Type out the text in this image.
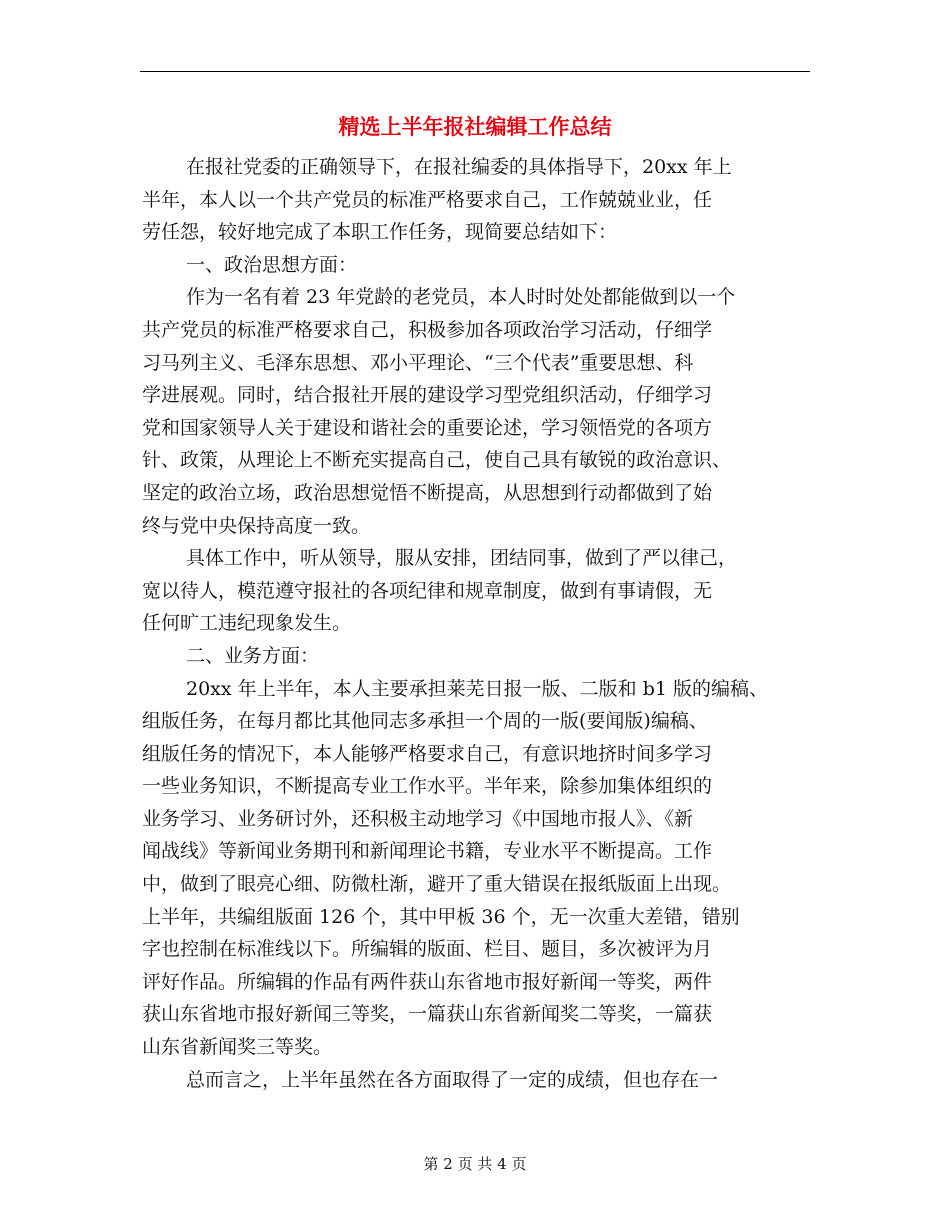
精选上半年报社编辑工作总结
在报社党委的正确领导下，在报社编委的具体指导下，20xx 年上
半年，本人以一个共产党员的标准严格要求自己，工作兢兢业业，任
劳任怨，较好地完成了本职工作任务，现简要总结如下：
一、政治思想方面：
作为一名有着 23 年党龄的老党员，本人时时处处都能做到以一个
共产党员的标准严格要求自己，积极参加各项政治学习活动，仔细学
习马列主义、毛泽东思想、邓小平理论、“三个代表”重要思想、科
学进展观。同时，结合报社开展的建设学习型党组织活动，仔细学习
党和国家领导人关于建设和谐社会的重要论述，学习领悟党的各项方
针、政策，从理论上不断充实提高自己，使自己具有敏锐的政治意识、
坚定的政治立场，政治思想觉悟不断提高，从思想到行动都做到了始
终与党中央保持高度一致。
具体工作中，听从领导，服从安排，团结同事，做到了严以律己，
宽以待人，模范遵守报社的各项纪律和规章制度，做到有事请假，无
任何旷工违纪现象发生。
二、业务方面：
20xx 年上半年，本人主要承担莱芜日报一版、二版和 b1 版的编稿、
组版任务，在每月都比其他同志多承担一个周的一版(要闻版)编稿、
组版任务的情况下，本人能够严格要求自己，有意识地挤时间多学习
一些业务知识，不断提高专业工作水平。半年来，除参加集体组织的
业务学习、业务研讨外，还积极主动地学习《中国地市报人》、《新
闻战线》等新闻业务期刊和新闻理论书籍，专业水平不断提高。工作
中，做到了眼亮心细、防微杜渐，避开了重大错误在报纸版面上出现。
上半年，共编组版面 126 个，其中甲板 36 个，无一次重大差错，错别
字也控制在标准线以下。所编辑的版面、栏目、题目，多次被评为月
评好作品。所编辑的作品有两件获山东省地市报好新闻一等奖，两件
获山东省地市报好新闻三等奖，一篇获山东省新闻奖二等奖，一篇获
山东省新闻奖三等奖。
总而言之，上半年虽然在各方面取得了一定的成绩，但也存在一
第 2 页 共 4 页
